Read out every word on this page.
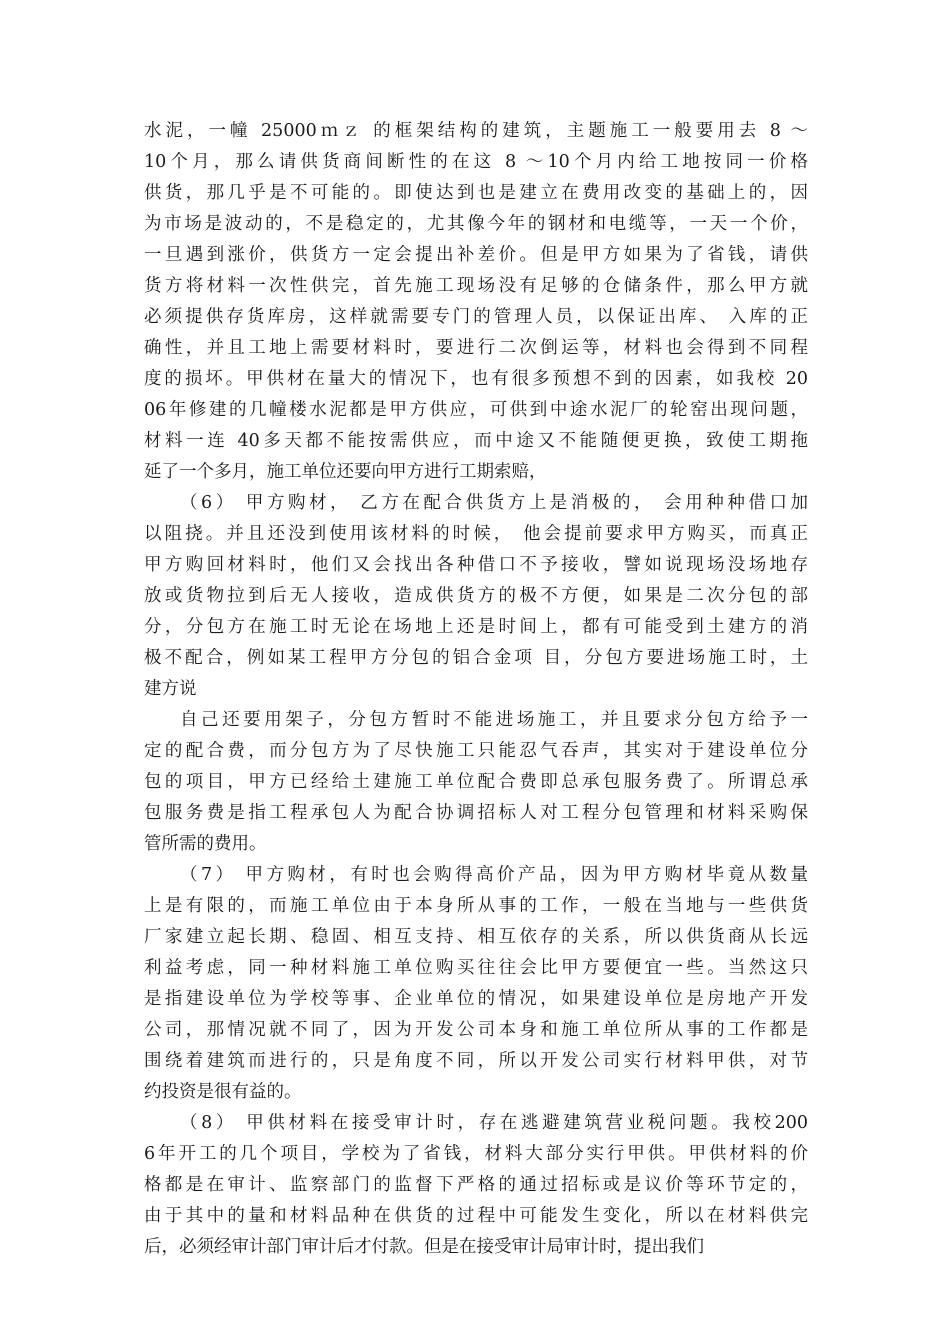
水泥，一幢 25000ｍｚ 的框架结构的建筑，主题施工一般要用去 8 ～
10个月，那么请供货商间断性的在这 8 ～10个月内给工地按同一价格
供货，那几乎是不可能的。即使达到也是建立在费用改变的基础上的，因
为市场是波动的，不是稳定的，尤其像今年的钢材和电缆等，一天一个价，
一旦遇到涨价，供货方一定会提出补差价。但是甲方如果为了省钱，请供
货方将材料一次性供完，首先施工现场没有足够的仓储条件，那么甲方就
必须提供存货库房，这样就需要专门的管理人员，以保证出库、 入库的正
确性，并且工地上需要材料时，要进行二次倒运等，材料也会得到不同程
度的损坏。甲供材在量大的情况下，也有很多预想不到的因素，如我校 20
06年修建的几幢楼水泥都是甲方供应，可供到中途水泥厂的轮窑出现问题，
材料一连 40多天都不能按需供应，而中途又不能随便更换，致使工期拖
延了一个多月，施工单位还要向甲方进行工期索赔，
（6） 甲方购材， 乙方在配合供货方上是消极的， 会用种种借口加
以阻挠。并且还没到使用该材料的时候， 他会提前要求甲方购买，而真正
甲方购回材料时，他们又会找出各种借口不予接收，譬如说现场没场地存
放或货物拉到后无人接收，造成供货方的极不方便，如果是二次分包的部
分，分包方在施工时无论在场地上还是时间上，都有可能受到土建方的消
极不配合，例如某工程甲方分包的铝合金项 目，分包方要进场施工时，土
建方说
自己还要用架子，分包方暂时不能进场施工，并且要求分包方给予一
定的配合费，而分包方为了尽快施工只能忍气吞声，其实对于建设单位分
包的项目，甲方已经给土建施工单位配合费即总承包服务费了。所谓总承
包服务费是指工程承包人为配合协调招标人对工程分包管理和材料采购保
管所需的费用。
（7） 甲方购材，有时也会购得高价产品，因为甲方购材毕竟从数量
上是有限的，而施工单位由于本身所从事的工作，一般在当地与一些供货
厂家建立起长期、稳固、相互支持、相互依存的关系，所以供货商从长远
利益考虑，同一种材料施工单位购买往往会比甲方要便宜一些。当然这只
是指建设单位为学校等事、企业单位的情况，如果建设单位是房地产开发
公司，那情况就不同了，因为开发公司本身和施工单位所从事的工作都是
围绕着建筑而进行的，只是角度不同，所以开发公司实行材料甲供，对节
约投资是很有益的。
（8） 甲供材料在接受审计时，存在逃避建筑营业税问题。我校200
6年开工的几个项目，学校为了省钱，材料大部分实行甲供。甲供材料的价
格都是在审计、监察部门的监督下严格的通过招标或是议价等环节定的，
由于其中的量和材料品种在供货的过程中可能发生变化，所以在材料供完
后，必须经审计部门审计后才付款。但是在接受审计局审计时，提出我们
